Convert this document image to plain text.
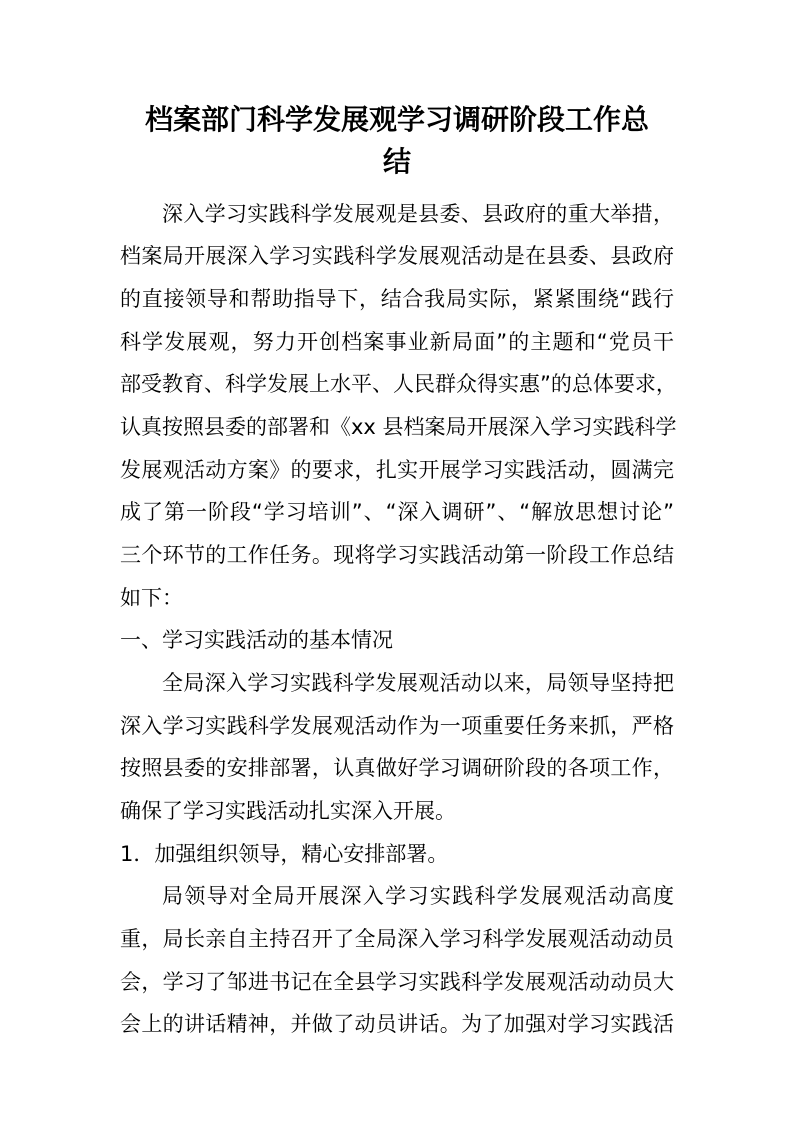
档案部门科学发展观学习调研阶段工作总
结

深入学习实践科学发展观是县委、县政府的重大举措，

档案局开展深入学习实践科学发展观活动是在县委、县政府

的直接领导和帮助指导下，结合我局实际，紧紧围绕“践行

科学发展观，努力开创档案事业新局面”的主题和“党员干

部受教育、科学发展上水平、人民群众得实惠”的总体要求，

认真按照县委的部署和《xx 县档案局开展深入学习实践科学

发展观活动方案》的要求，扎实开展学习实践活动，圆满完

成了第一阶段“学习培训”、“深入调研”、“解放思想讨论”

三个环节的工作任务。现将学习实践活动第一阶段工作总结

如下：

一、学习实践活动的基本情况

全局深入学习实践科学发展观活动以来，局领导坚持把

深入学习实践科学发展观活动作为一项重要任务来抓，严格

按照县委的安排部署，认真做好学习调研阶段的各项工作，

确保了学习实践活动扎实深入开展。

1．加强组织领导，精心安排部署。

局领导对全局开展深入学习实践科学发展观活动高度

重，局长亲自主持召开了全局深入学习科学发展观活动动员

会，学习了邹进书记在全县学习实践科学发展观活动动员大

会上的讲话精神，并做了动员讲话。为了加强对学习实践活
